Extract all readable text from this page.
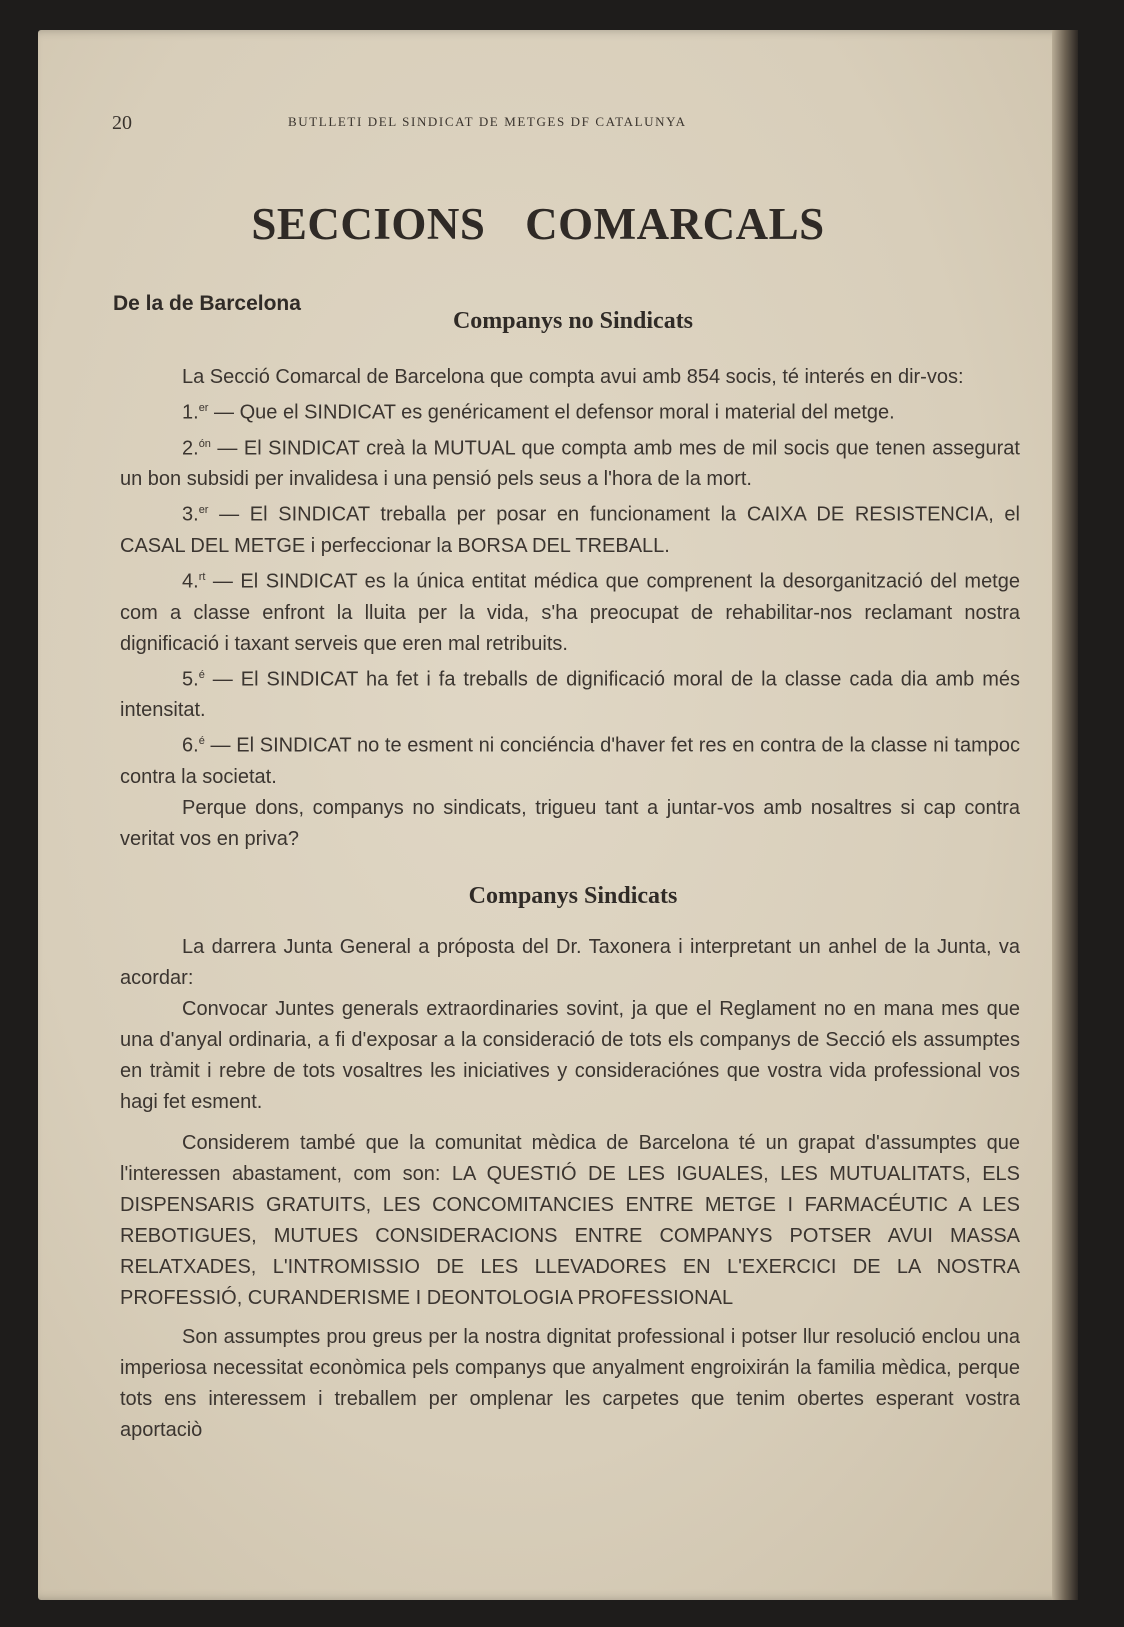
20	BUTLLETI DEL SINDICAT DE METGES DF CATALUNYA
SECCIONS COMARCALS
De la de Barcelona
Companys no Sindicats

La Secció Comarcal de Barcelona que compta avui amb 854 socis, té interés en dir-vos:

1.$^{er}$ — Que el SINDICAT es genéricament el defensor moral i material del metge.

2.$^{ón}$ — El SINDICAT creà la MUTUAL que compta amb mes de mil socis que tenen assegurat un bon subsidi per invalidesa i una pensió pels seus a l'hora de la mort.

3.$^{er}$ — El SINDICAT treballa per posar en funcionament la CAIXA DE RESISTENCIA, el CASAL DEL METGE i perfeccionar la BORSA DEL TREBALL.

4.$^{rt}$ — El SINDICAT es la única entitat médica que comprenent la desorganització del metge com a classe enfront la lluita per la vida, s'ha preocupat de rehabilitar-nos reclamant nostra dignificació i taxant serveis que eren mal retribuits.

5.$^é$ — El SINDICAT ha fet i fa treballs de dignificació moral de la classe cada dia amb més intensitat.

6.$^é$ — El SINDICAT no te esment ni conciéncia d'haver fet res en contra de la classe ni tampoc contra la societat.

Perque dons, companys no sindicats, trigueu tant a juntar-vos amb nosaltres si cap contra veritat vos en priva?

Companys Sindicats

La darrera Junta General a próposta del Dr. Taxonera i interpretant un anhel de la Junta, va acordar:

Convocar Juntes generals extraordinaries sovint, ja que el Reglament no en mana mes que una d'anyal ordinaria, a fi d'exposar a la consideració de tots els companys de Secció els assumptes en tràmit i rebre de tots vosaltres les iniciatives y consideraciónes que vostra vida professional vos hagi fet esment.

Considerem també que la comunitat mèdica de Barcelona té un grapat d'assumptes que l'interessen abastament, com son: LA QUESTIÓ DE LES IGUALES, LES MUTUALITATS, ELS DISPENSARIS GRATUITS, LES CONCOMITANCIES ENTRE METGE I FARMACÉUTIC A LES REBOTIGUES, MUTUES CONSIDERACIONS ENTRE COMPANYS POTSER AVUI MASSA RELATXADES, L'INTROMISSIO DE LES LLEVADORES EN L'EXERCICI DE LA NOSTRA PROFESSIÓ, CURANDERISME I DEONTOLOGIA PROFESSIONAL

Son assumptes prou greus per la nostra dignitat professional i potser llur resolució enclou una imperiosa necessitat econòmica pels companys que anyalment engroixirán la familia mèdica, perque tots ens interessem i treballem per omplenar les carpetes que tenim obertes esperant vostra aportaciò
